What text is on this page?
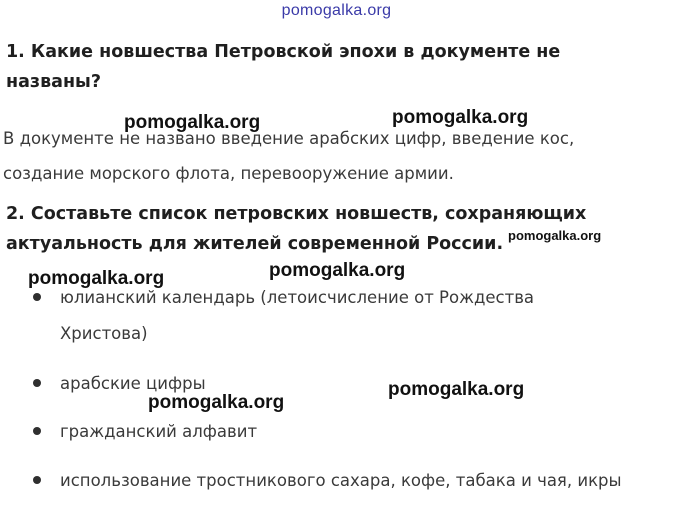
pomogalka.org
1. Какие новшества Петровской эпохи в документе не
названы?
В документе не названо введение арабских цифр, введение кос,
создание морского флота, перевооружение армии.
2. Составьте список петровских новшеств, сохраняющих
актуальность для жителей современной России.
юлианский календарь (летоисчисление от Рождества
Христова)
арабские цифры
гражданский алфавит
использование тростникового сахара, кофе, табака и чая, икры
pomogalka.org	pomogalka.org
pomogalka.org
pomogalka.org	pomogalka.org
pomogalka.org
pomogalka.org
